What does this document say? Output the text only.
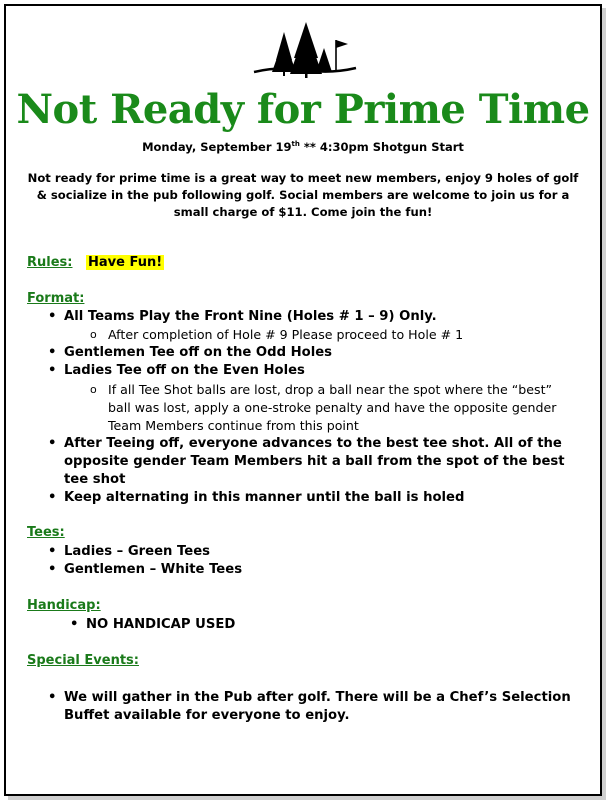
Not Ready for Prime Time
Monday, September 19th ** 4:30pm Shotgun Start
Not ready for prime time is a great way to meet new members, enjoy 9 holes of golf & socialize in the pub following golf. Social members are welcome to join us for a small charge of $11. Come join the fun!
Rules: Have Fun!
Format:
• All Teams Play the Front Nine (Holes # 1 – 9) Only.
o After completion of Hole # 9 Please proceed to Hole # 1
• Gentlemen Tee off on the Odd Holes
• Ladies Tee off on the Even Holes
o If all Tee Shot balls are lost, drop a ball near the spot where the “best”
ball was lost, apply a one-stroke penalty and have the opposite gender
Team Members continue from this point
• After Teeing off, everyone advances to the best tee shot. All of the
opposite gender Team Members hit a ball from the spot of the best
tee shot
• Keep alternating in this manner until the ball is holed
Tees:
• Ladies – Green Tees
• Gentlemen – White Tees
Handicap:
• NO HANDICAP USED
Special Events:
• We will gather in the Pub after golf. There will be a Chef’s Selection
Buffet available for everyone to enjoy.
